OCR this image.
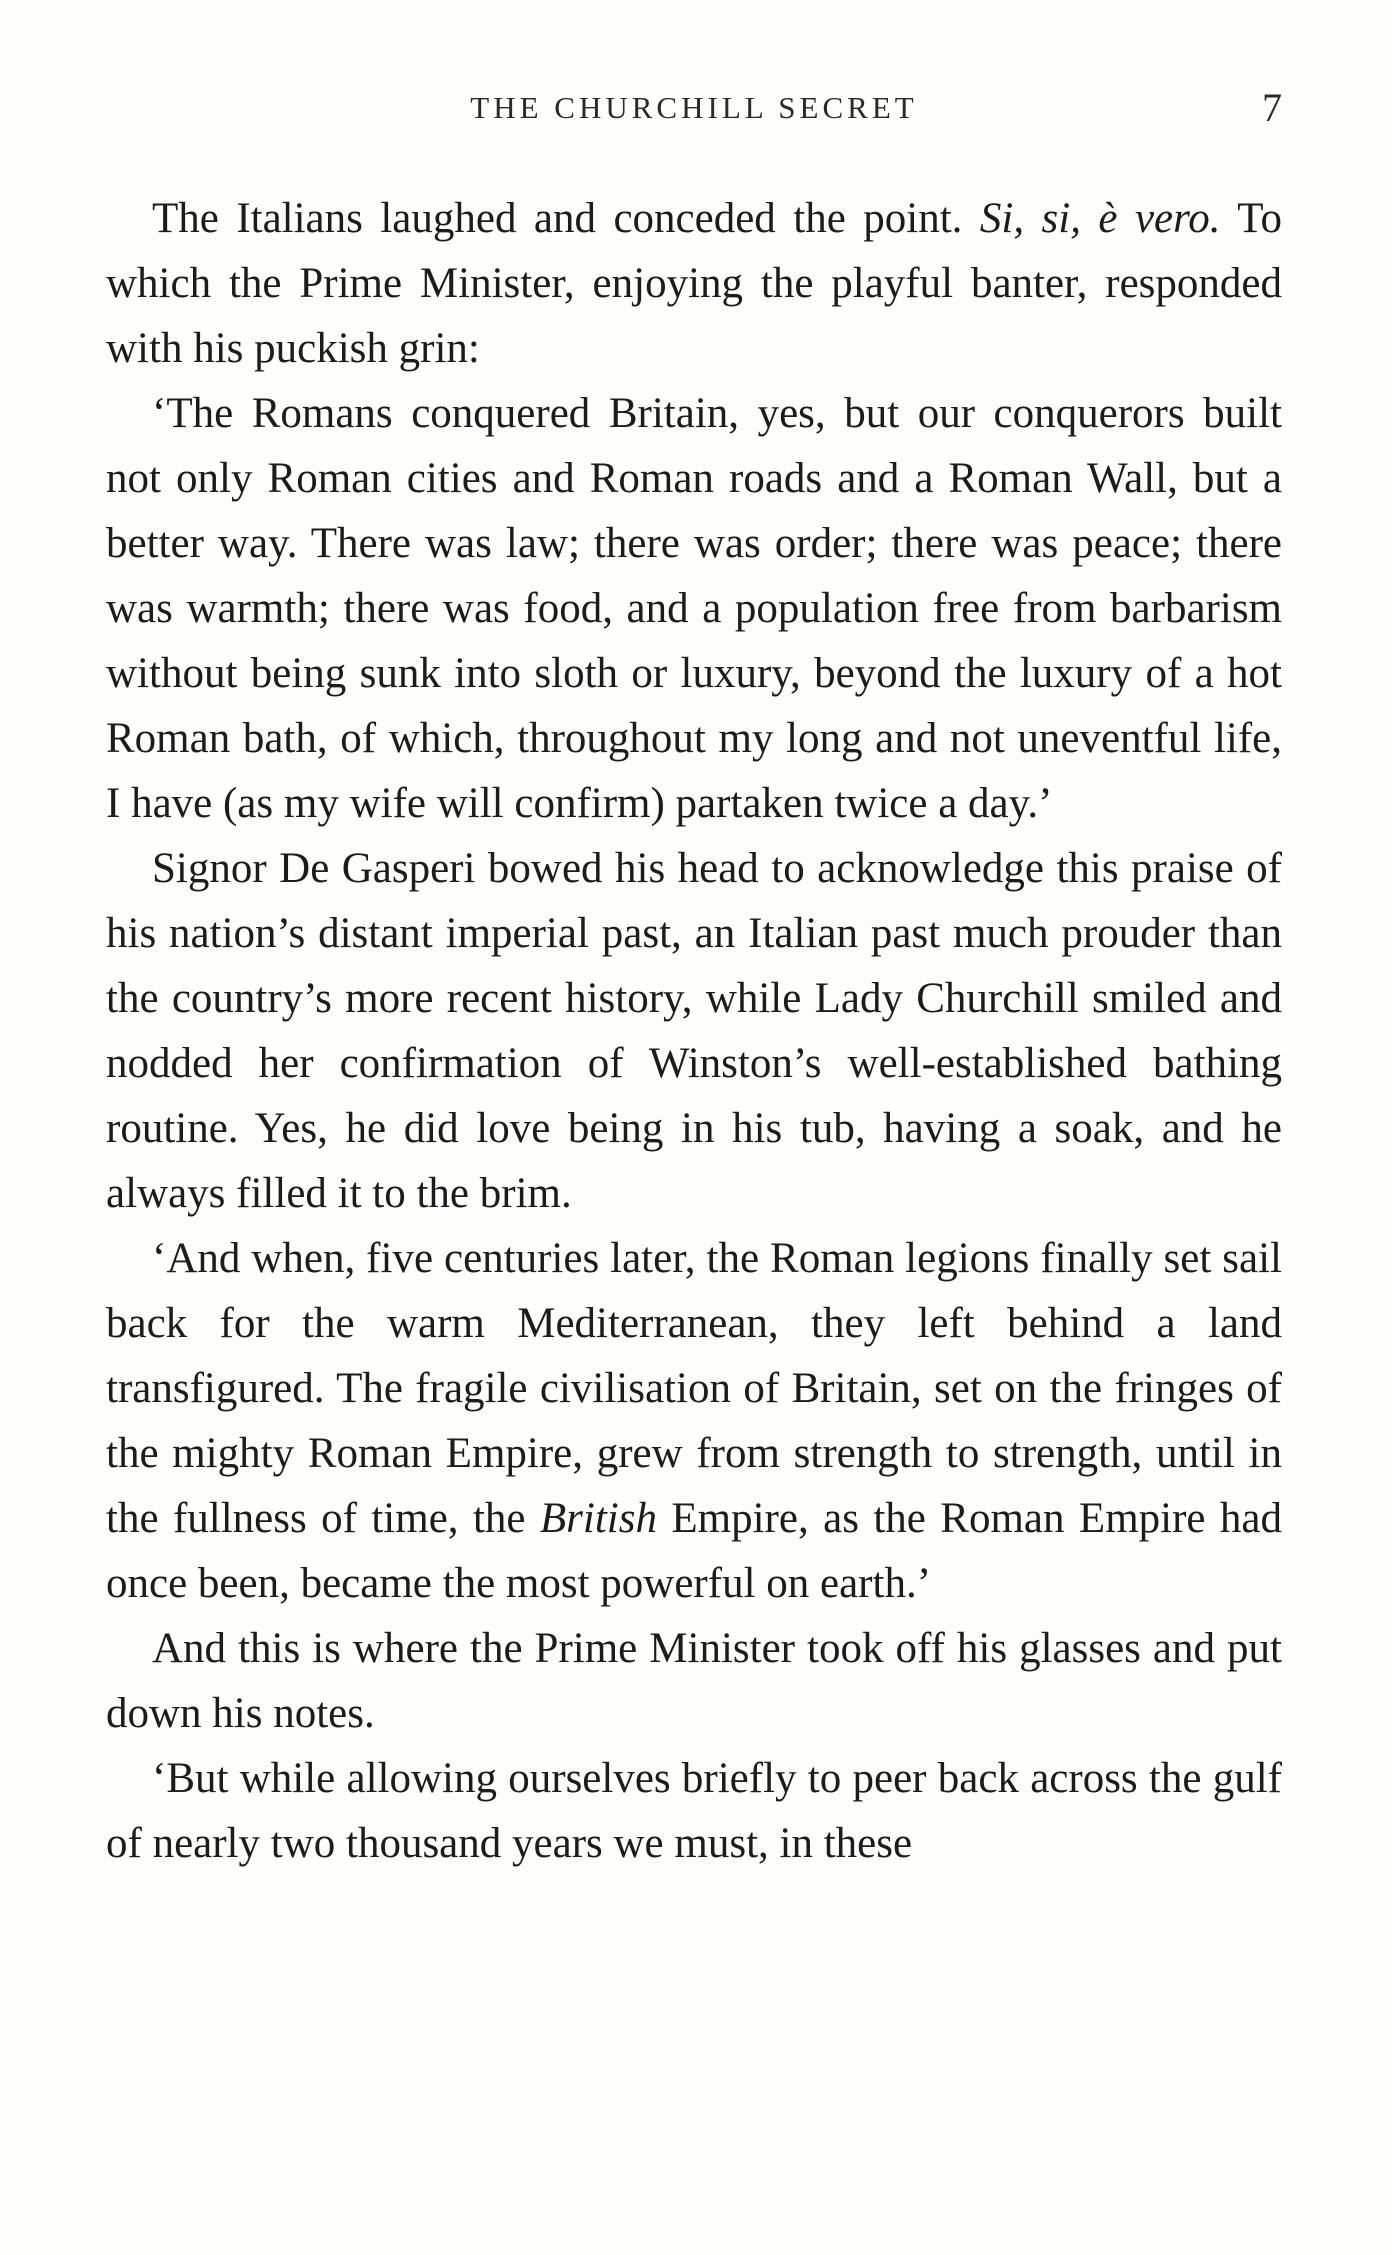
THE CHURCHILL SECRET	7

The Italians laughed and conceded the point. Si, si, è vero. To which the Prime Minister, enjoying the playful banter, responded with his puckish grin:

‘The Romans conquered Britain, yes, but our conquerors built not only Roman cities and Roman roads and a Roman Wall, but a better way. There was law; there was order; there was peace; there was warmth; there was food, and a population free from barbarism without being sunk into sloth or luxury, beyond the luxury of a hot Roman bath, of which, throughout my long and not uneventful life, I have (as my wife will confirm) partaken twice a day.’

Signor De Gasperi bowed his head to acknowledge this praise of his nation’s distant imperial past, an Italian past much prouder than the country’s more recent history, while Lady Churchill smiled and nodded her confirmation of Winston’s well-established bathing routine. Yes, he did love being in his tub, having a soak, and he always filled it to the brim.

‘And when, five centuries later, the Roman legions finally set sail back for the warm Mediterranean, they left behind a land transfigured. The fragile civilisation of Britain, set on the fringes of the mighty Roman Empire, grew from strength to strength, until in the fullness of time, the British Empire, as the Roman Empire had once been, became the most powerful on earth.’

And this is where the Prime Minister took off his glasses and put down his notes.

‘But while allowing ourselves briefly to peer back across the gulf of nearly two thousand years we must, in these
